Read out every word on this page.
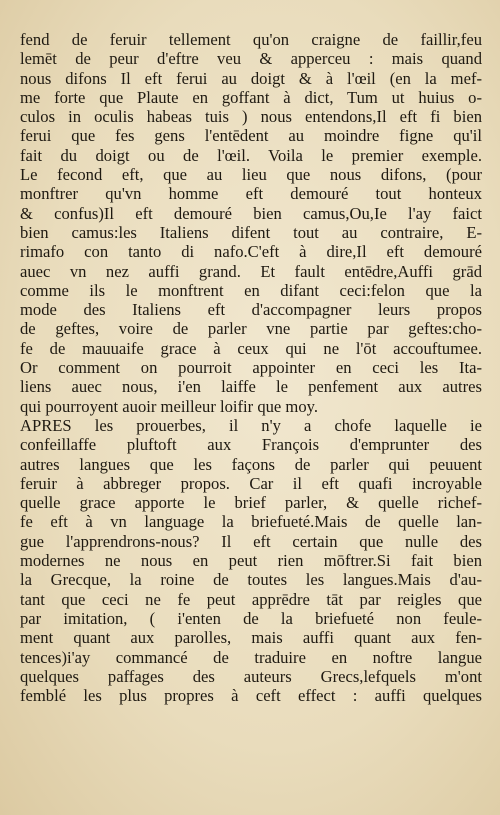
fend de feruir tellement qu'on craigne de faillir,feu
lemēt de peur d'eftre veu & apperceu : mais quand
nous difons Il eft ferui au doigt & à l'œil (en la mef-
me forte que Plaute en goffant à dict, Tum ut huius o-
culos in oculis habeas tuis ) nous entendons,Il eft fi bien
ferui que fes gens l'entēdent au moindre figne qu'il
fait du doigt ou de l'œil. Voila le premier exemple.
Le fecond eft, que au lieu que nous difons, (pour
monftrer qu'vn homme eft demouré tout honteux
& confus)Il eft demouré bien camus,Ou,Ie l'ay faict
bien camus:les Italiens difent tout au contraire, E-
rimafo con tanto di nafo.C'eft à dire,Il eft demouré
auec vn nez auffi grand. Et fault entēdre,Auffi grād
comme ils le monftrent en difant ceci:felon que la
mode des Italiens eft d'accompagner leurs propos
de geftes, voire de parler vne partie par geftes:cho-
fe de mauuaife grace à ceux qui ne l'ōt accouftumee.
Or comment on pourroit appointer en ceci les Ita-
liens auec nous, i'en laiffe le penfement aux autres
qui pourroyent auoir meilleur loifir que moy.
APRES les prouerbes, il n'y a chofe laquelle ie
confeillaffe pluftoft aux François d'emprunter des
autres langues que les façons de parler qui peuuent
feruir à abbreger propos. Car il eft quafi incroyable
quelle grace apporte le brief parler, & quelle richef-
fe eft à vn language la briefueté.Mais de quelle lan-
gue l'apprendrons-nous? Il eft certain que nulle des
modernes ne nous en peut rien mōftrer.Si fait bien
la Grecque, la roine de toutes les langues.Mais d'au-
tant que ceci ne fe peut apprēdre tāt par reigles que
par imitation, ( i'enten de la briefueté non feule-
ment quant aux parolles, mais auffi quant aux fen-
tences)i'ay commancé de traduire en noftre langue
quelques paffages des auteurs Grecs,lefquels m'ont
femblé les plus propres à ceft effect : auffi quelques
